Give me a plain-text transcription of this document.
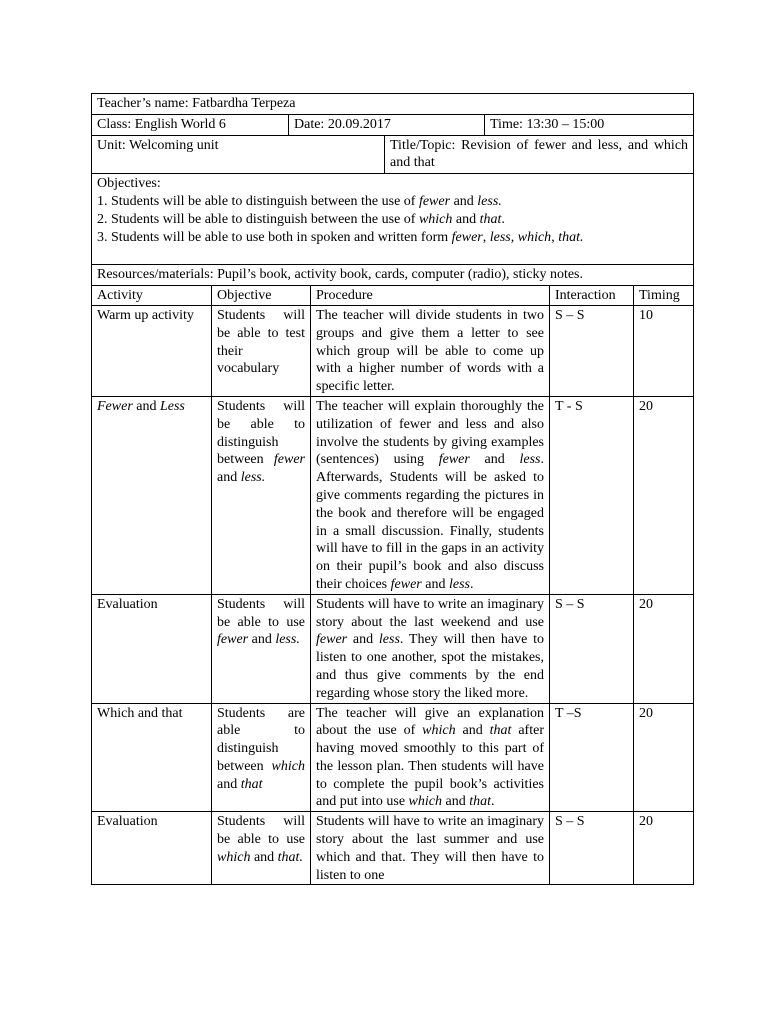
Teacher’s name: Fatbardha Terpeza			
Class: English World 6	Date: 20.09.2017		Time: 13:30 – 15:00
Unit: Welcoming unit		Title/Topic: Revision of fewer and less, and which and that	

Objectives:
1. Students will be able to distinguish between the use of fewer and less.
2. Students will be able to distinguish between the use of which and that.
3. Students will be able to use both in spoken and written form fewer, less, which, that.			

Resources/materials: Pupil’s book, activity book, cards, computer (radio), sticky notes.			
Activity	Objective	Procedure	Interaction	Timing
Warm up activity	Students will be able to test their vocabulary	The teacher will divide students in two groups and give them a letter to see which group will be able to come up with a higher number of words with a specific letter.	S – S	10
Fewer and Less	Students will be able to distinguish between fewer and less.	The teacher will explain thoroughly the utilization of fewer and less and also involve the students by giving examples (sentences) using fewer and less. Afterwards, Students will be asked to give comments regarding the pictures in the book and therefore will be engaged in a small discussion. Finally, students will have to fill in the gaps in an activity on their pupil’s book and also discuss their choices fewer and less.	T - S	20
Evaluation	Students will be able to use fewer and less.	Students will have to write an imaginary story about the last weekend and use fewer and less. They will then have to listen to one another, spot the mistakes, and thus give comments by the end regarding whose story the liked more.	S – S	20
Which and that	Students are able to distinguish between which and that	The teacher will give an explanation about the use of which and that after having moved smoothly to this part of the lesson plan. Then students will have to complete the pupil book’s activities and put into use which and that.	T –S	20
Evaluation	Students will be able to use which and that.	Students will have to write an imaginary story about the last summer and use which and that. They will then have to listen to one	S – S	20
